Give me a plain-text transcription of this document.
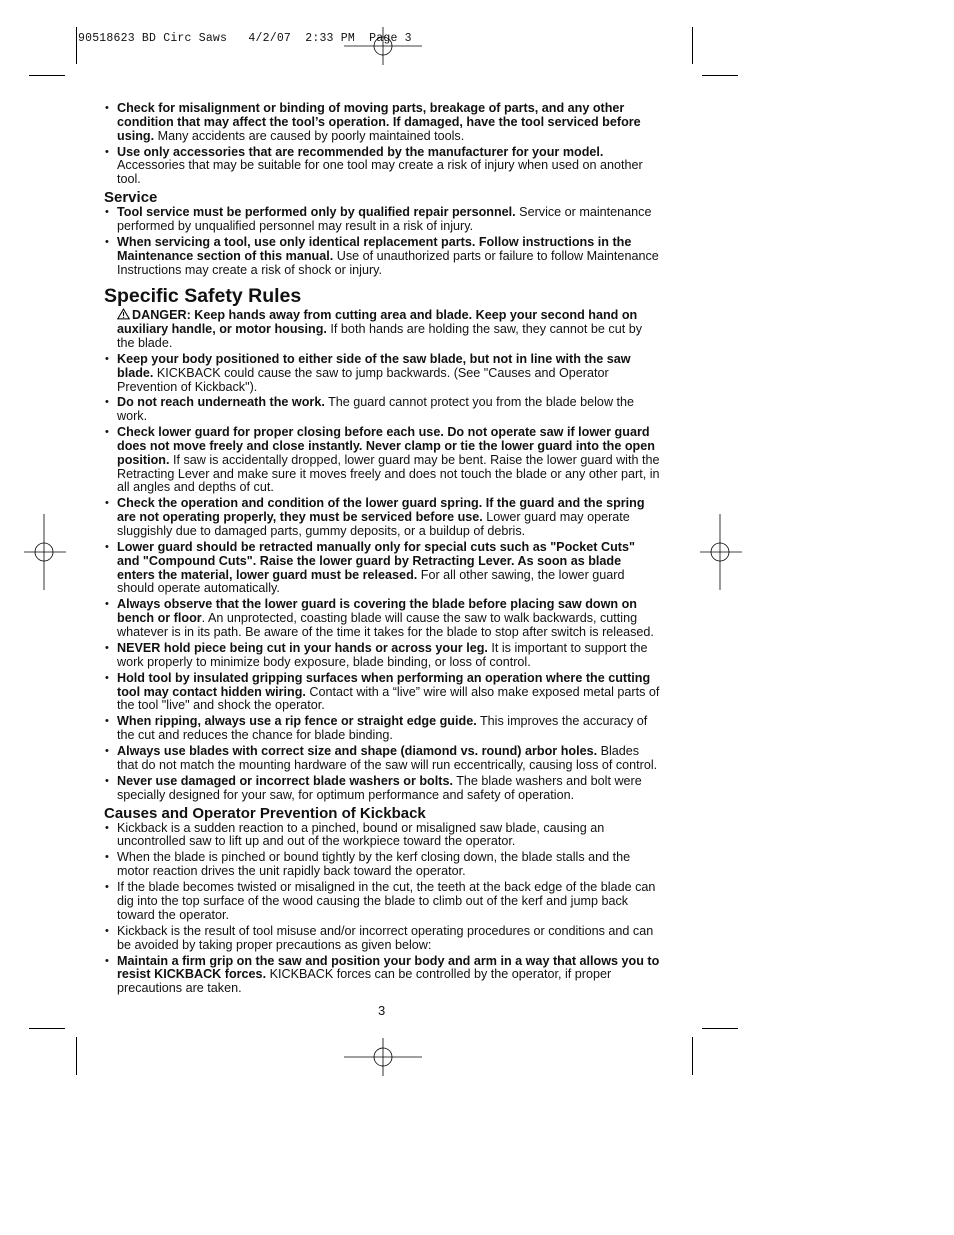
90518623 BD Circ Saws   4/2/07  2:33 PM  Page 3
• Check for misalignment or binding of moving parts, breakage of parts, and any other condition that may affect the tool’s operation. If damaged, have the tool serviced before using. Many accidents are caused by poorly maintained tools.
• Use only accessories that are recommended by the manufacturer for your model. Accessories that may be suitable for one tool may create a risk of injury when used on another tool.
Service
• Tool service must be performed only by qualified repair personnel. Service or maintenance performed by unqualified personnel may result in a risk of injury.
• When servicing a tool, use only identical replacement parts. Follow instructions in the Maintenance section of this manual. Use of unauthorized parts or failure to follow Maintenance Instructions may create a risk of shock or injury.
Specific Safety Rules
DANGER: Keep hands away from cutting area and blade. Keep your second hand on auxiliary handle, or motor housing. If both hands are holding the saw, they cannot be cut by the blade.
• Keep your body positioned to either side of the saw blade, but not in line with the saw blade. KICKBACK could cause the saw to jump backwards. (See "Causes and Operator Prevention of Kickback").
• Do not reach underneath the work. The guard cannot protect you from the blade below the work.
• Check lower guard for proper closing before each use. Do not operate saw if lower guard does not move freely and close instantly. Never clamp or tie the lower guard into the open position. If saw is accidentally dropped, lower guard may be bent. Raise the lower guard with the Retracting Lever and make sure it moves freely and does not touch the blade or any other part, in all angles and depths of cut.
• Check the operation and condition of the lower guard spring. If the guard and the spring are not operating properly, they must be serviced before use. Lower guard may operate sluggishly due to damaged parts, gummy deposits, or a buildup of debris.
• Lower guard should be retracted manually only for special cuts such as "Pocket Cuts" and "Compound Cuts". Raise the lower guard by Retracting Lever. As soon as blade enters the material, lower guard must be released. For all other sawing, the lower guard should operate automatically.
• Always observe that the lower guard is covering the blade before placing saw down on bench or floor. An unprotected, coasting blade will cause the saw to walk backwards, cutting whatever is in its path. Be aware of the time it takes for the blade to stop after switch is released.
• NEVER hold piece being cut in your hands or across your leg. It is important to support the work properly to minimize body exposure, blade binding, or loss of control.
• Hold tool by insulated gripping surfaces when performing an operation where the cutting tool may contact hidden wiring. Contact with a “live” wire will also make exposed metal parts of the tool "live" and shock the operator.
• When ripping, always use a rip fence or straight edge guide. This improves the accuracy of the cut and reduces the chance for blade binding.
• Always use blades with correct size and shape (diamond vs. round) arbor holes. Blades that do not match the mounting hardware of the saw will run eccentrically, causing loss of control.
• Never use damaged or incorrect blade washers or bolts. The blade washers and bolt were specially designed for your saw, for optimum performance and safety of operation.
Causes and Operator Prevention of Kickback
• Kickback is a sudden reaction to a pinched, bound or misaligned saw blade, causing an uncontrolled saw to lift up and out of the workpiece toward the operator.
• When the blade is pinched or bound tightly by the kerf closing down, the blade stalls and the motor reaction drives the unit rapidly back toward the operator.
• If the blade becomes twisted or misaligned in the cut, the teeth at the back edge of the blade can dig into the top surface of the wood causing the blade to climb out of the kerf and jump back toward the operator.
• Kickback is the result of tool misuse and/or incorrect operating procedures or conditions and can be avoided by taking proper precautions as given below:
• Maintain a firm grip on the saw and position your body and arm in a way that allows you to resist KICKBACK forces. KICKBACK forces can be controlled by the operator, if proper precautions are taken.
3
